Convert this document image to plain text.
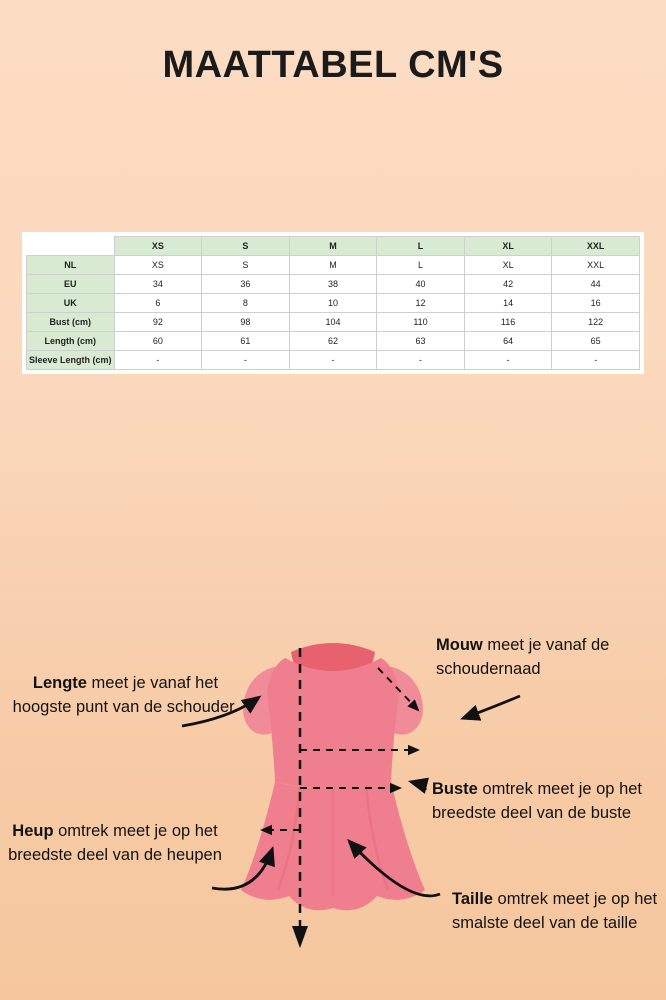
MAATTABEL CM'S
	XS	S	M	L	XL	XXL
NL	XS	S	M	L	XL	XXL
EU	34	36	38	40	42	44
UK	6	8	10	12	14	16
Bust (cm)	92	98	104	110	116	122
Length (cm)	60	61	62	63	64	65
Sleeve Length (cm)	-	-	-	-	-	-
Lengte meet je vanaf het hoogste punt van de schouder.
Heup omtrek meet je op het breedste deel van de heupen
Mouw meet je vanaf de schoudernaad
Buste omtrek meet je op het breedste deel van de buste
Taille omtrek meet je op het smalste deel van de taille
